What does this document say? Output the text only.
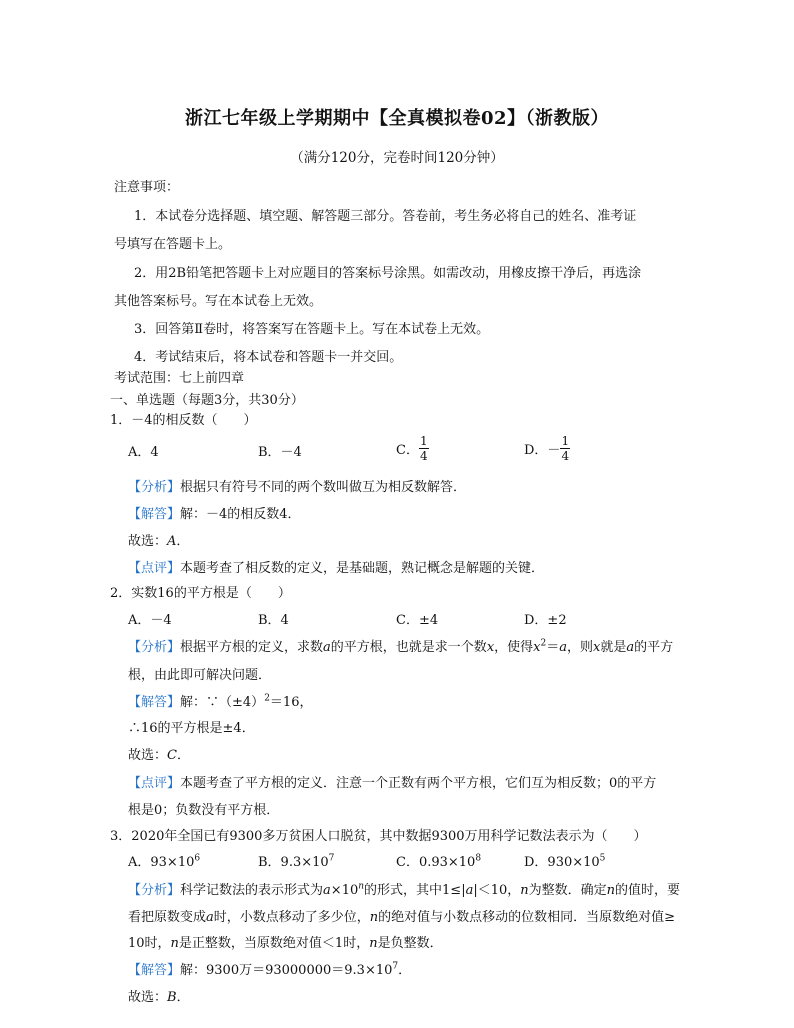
浙江七年级上学期期中【全真模拟卷02】（浙教版）
（满分120分，完卷时间120分钟）
注意事项：
1．本试卷分选择题、填空题、解答题三部分。答卷前，考生务必将自己的姓名、准考证
号填写在答题卡上。
2．用2B铅笔把答题卡上对应题目的答案标号涂黑。如需改动，用橡皮擦干净后，再选涂
其他答案标号。写在本试卷上无效。
3．回答第Ⅱ卷时，将答案写在答题卡上。写在本试卷上无效。
4．考试结束后，将本试卷和答题卡一并交回。
考试范围：七上前四章
一、单选题（每题3分，共30分）
1．－4的相反数（　　）
A．4	B．－4	C． $\frac{1}{4}$	D．－ $\frac{1}{4}$
【分析】根据只有符号不同的两个数叫做互为相反数解答．
【解答】解：－4的相反数4．
故选：A．
【点评】本题考查了相反数的定义，是基础题，熟记概念是解题的关键．
2．实数16的平方根是（　　）
A．－4	B．4	C．±4	D．±2
【分析】根据平方根的定义，求数a的平方根，也就是求一个数x，使得$x^2=a$，则x就是a的平方
根，由此即可解决问题．
【解答】解：$\because(\pm 4)^2=16$，
∴16的平方根是±4．
故选：C．
【点评】本题考查了平方根的定义．注意一个正数有两个平方根，它们互为相反数；0的平方
根是0；负数没有平方根．
3．2020年全国已有9300多万贫困人口脱贫，其中数据9300万用科学记数法表示为（　　）
A．$93\times 10^6$	B．$9.3\times 10^7$	C．$0.93\times 10^8$	D．$930\times 10^5$
【分析】科学记数法的表示形式为$a\times 10^n$的形式，其中1≤|a|＜10，n为整数．确定n的值时，要
看把原数变成a时，小数点移动了多少位，n的绝对值与小数点移动的位数相同．当原数绝对值≥
10时，n是正整数，当原数绝对值＜1时，n是负整数．
【解答】解：9300万$=93000000=9.3\times 10^7$．
故选：B．
